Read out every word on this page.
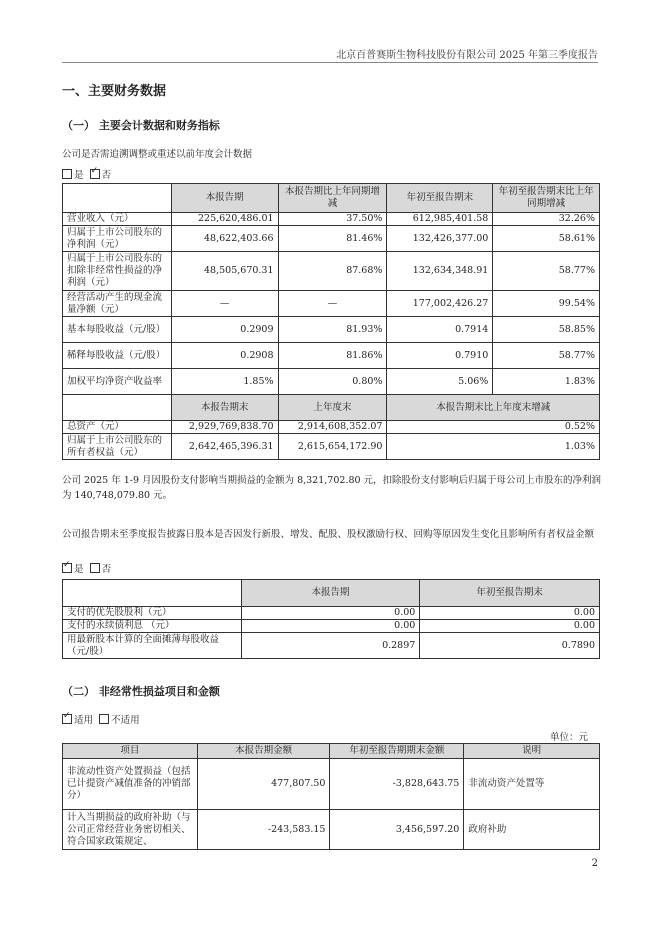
北京百普赛斯生物科技股份有限公司 2025 年第三季度报告
一、主要财务数据
（一） 主要会计数据和财务指标
公司是否需追溯调整或重述以前年度会计数据
是 ✓ 否
	本报告期	本报告期比上年同期增减	年初至报告期末	年初至报告期末比上年同期增减
营业收入（元）	225,620,486.01	37.50%	612,985,401.58	32.26%
归属于上市公司股东的净利润（元）	48,622,403.66	81.46%	132,426,377.00	58.61%
归属于上市公司股东的扣除非经常性损益的净利润（元）	48,505,670.31	87.68%	132,634,348.91	58.77%
经营活动产生的现金流量净额（元）	—	—	177,002,426.27	99.54%
基本每股收益（元/股）	0.2909	81.93%	0.7914	58.85%
稀释每股收益（元/股）	0.2908	81.86%	0.7910	58.77%
加权平均净资产收益率	1.85%	0.80%	5.06%	1.83%
	本报告期末	上年度末	本报告期末比上年度末增减	
总资产（元）	2,929,769,838.70	2,914,608,352.07	0.52%	
归属于上市公司股东的所有者权益（元）	2,642,465,396.31	2,615,654,172.90	1.03%	
公司 2025 年 1-9 月因股份支付影响当期损益的金额为 8,321,702.80 元，扣除股份支付影响后归属于母公司上市股东的净利润为 140,748,079.80 元。
公司报告期末至季度报告披露日股本是否因发行新股、增发、配股、股权激励行权、回购等原因发生变化且影响所有者权益金额
✓是 否
	本报告期	年初至报告期末
支付的优先股股利（元）	0.00	0.00
支付的永续债利息 （元）	0.00	0.00
用最新股本计算的全面摊薄每股收益（元/股）	0.2897	0.7890
（二） 非经常性损益项目和金额
✓适用 不适用
单位：元
项目	本报告期金额	年初至报告期期末金额	说明
非流动性资产处置损益（包括已计提资产减值准备的冲销部分）	477,807.50	-3,828,643.75	非流动资产处置等
计入当期损益的政府补助（与公司正常经营业务密切相关、符合国家政策规定、	-243,583.15	3,456,597.20	政府补助
2
